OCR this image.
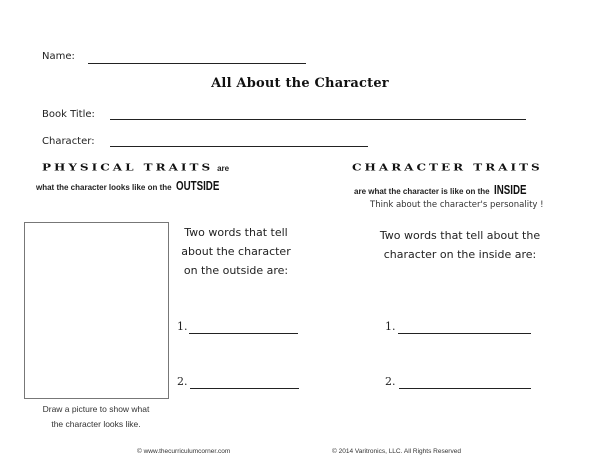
Name:
All About the Character
Book Title:
Character:
PHYSICAL TRAITS are
what the character looks like on the OUTSIDE
CHARACTER TRAITS
are what the character is like on the INSIDE
Think about the character's personality !
Draw a picture to show what
the character looks like.
Two words that tell
about the character
on the outside are:
1.
2.
Two words that tell about the
character on the inside are:
1.
2.
© www.thecurriculumcorner.com	© 2014 Varitronics, LLC. All Rights Reserved
